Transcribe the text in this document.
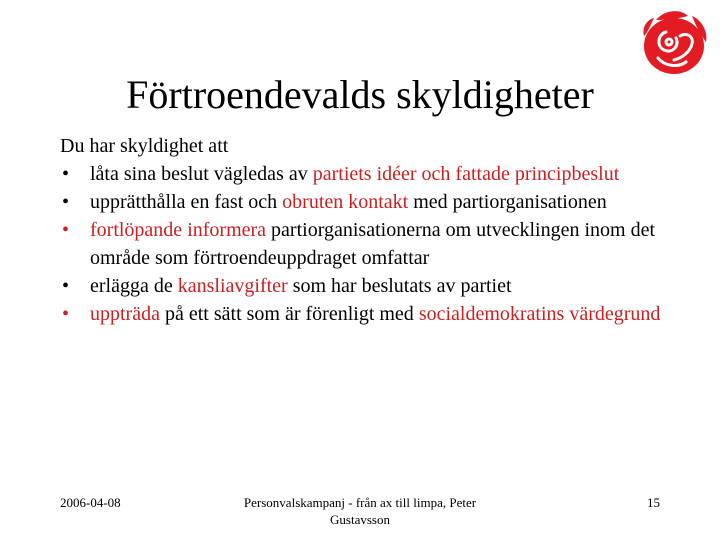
Förtroendevalds skyldigheter

Du har skyldighet att

•	låta sina beslut vägledas av partiets idéer och fattade principbeslut
•	upprätthålla en fast och obruten kontakt med partiorganisationen
•	fortlöpande informera partiorganisationerna om utvecklingen inom det område som förtroendeuppdraget omfattar
•	erlägga de kansliavgifter som har beslutats av partiet
•	uppträda på ett sätt som är förenligt med socialdemokratins värdegrund
2006-04-08	Personvalskampanj - från ax till limpa, Peter Gustavsson
15
